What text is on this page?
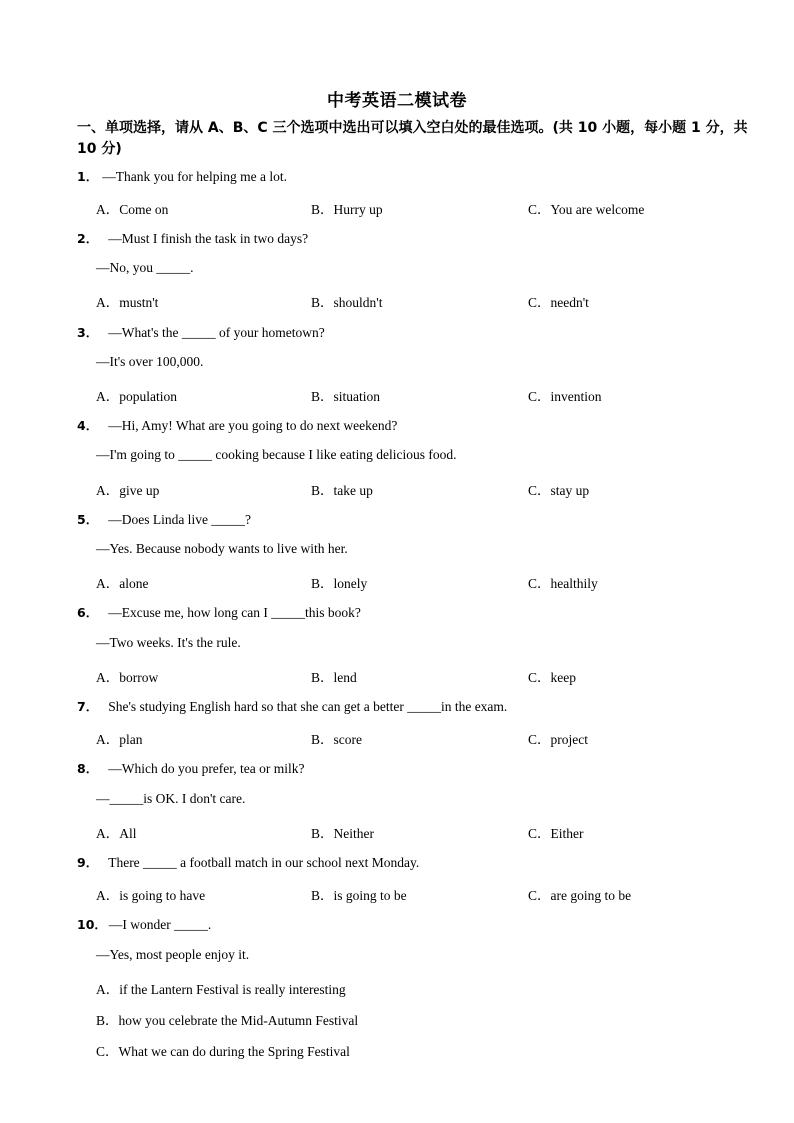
中考英语二模试卷
一、单项选择，请从 A、B、C 三个选项中选出可以填入空白处的最佳选项。(共 10 小题，每小题 1 分，共 10 分)
1． —Thank you for helping me a lot.
A．Come on	B．Hurry up	C．You are welcome
2． —Must I finish the task in two days?
—No, you _____.
A．mustn't	B．shouldn't	C．needn't
3． —What's the _____ of your hometown?
—It's over 100,000.
A．population	B．situation	C．invention
4． —Hi, Amy! What are you going to do next weekend?
—I'm going to _____ cooking because I like eating delicious food.
A．give up	B．take up	C．stay up
5． —Does Linda live _____?
—Yes. Because nobody wants to live with her.
A．alone	B．lonely	C．healthily
6． —Excuse me, how long can I _____this book?
—Two weeks. It's the rule.
A．borrow	B．lend	C．keep
7． She's studying English hard so that she can get a better _____in the exam.
A．plan	B．score	C．project
8． —Which do you prefer, tea or milk?
—_____is OK. I don't care.
A．All	B．Neither	C．Either
9． There _____ a football match in our school next Monday.
A．is going to have	B．is going to be	C．are going to be
10． —I wonder _____.
—Yes, most people enjoy it.
A．if the Lantern Festival is really interesting
B．how you celebrate the Mid-Autumn Festival
C．What we can do during the Spring Festival
